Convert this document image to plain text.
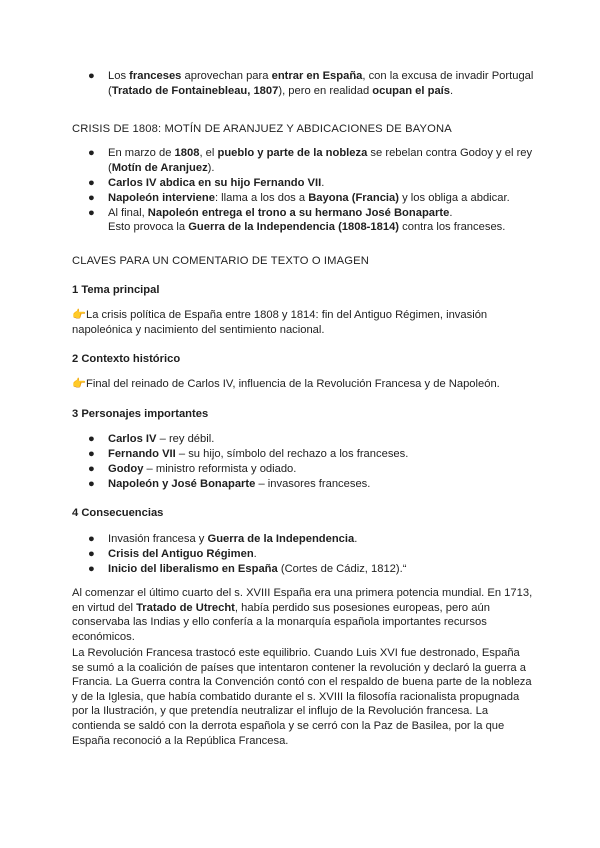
● Los franceses aprovechan para entrar en España, con la excusa de invadir Portugal (Tratado de Fontainebleau, 1807), pero en realidad ocupan el país.
CRISIS DE 1808: MOTÍN DE ARANJUEZ Y ABDICACIONES DE BAYONA
● En marzo de 1808, el pueblo y parte de la nobleza se rebelan contra Godoy y el rey (Motín de Aranjuez).
● Carlos IV abdica en su hijo Fernando VII.
● Napoleón interviene: llama a los dos a Bayona (Francia) y los obliga a abdicar.
● Al final, Napoleón entrega el trono a su hermano José Bonaparte.
Esto provoca la Guerra de la Independencia (1808-1814) contra los franceses.
CLAVES PARA UN COMENTARIO DE TEXTO O IMAGEN
1 Tema principal

👉La crisis política de España entre 1808 y 1814: fin del Antiguo Régimen, invasión napoleónica y nacimiento del sentimiento nacional.

2 Contexto histórico

👉Final del reinado de Carlos IV, influencia de la Revolución Francesa y de Napoleón.

3 Personajes importantes
● Carlos IV – rey débil.
● Fernando VII – su hijo, símbolo del rechazo a los franceses.
● Godoy – ministro reformista y odiado.
● Napoleón y José Bonaparte – invasores franceses.
4 Consecuencias
● Invasión francesa y Guerra de la Independencia.
● Crisis del Antiguo Régimen.
● Inicio del liberalismo en España (Cortes de Cádiz, 1812).“

Al comenzar el último cuarto del s. XVIII España era una primera potencia mundial. En 1713, en virtud del Tratado de Utrecht, había perdido sus posesiones europeas, pero aún conservaba las Indias y ello confería a la monarquía española importantes recursos económicos.

La Revolución Francesa trastocó este equilibrio. Cuando Luis XVI fue destronado, España se sumó a la coalición de países que intentaron contener la revolución y declaró la guerra a Francia. La Guerra contra la Convención contó con el respaldo de buena parte de la nobleza y de la Iglesia, que había combatido durante el s. XVIII la filosofía racionalista propugnada por la Ilustración, y que pretendía neutralizar el influjo de la Revolución francesa. La contienda se saldó con la derrota española y se cerró con la Paz de Basilea, por la que España reconoció a la República Francesa.
